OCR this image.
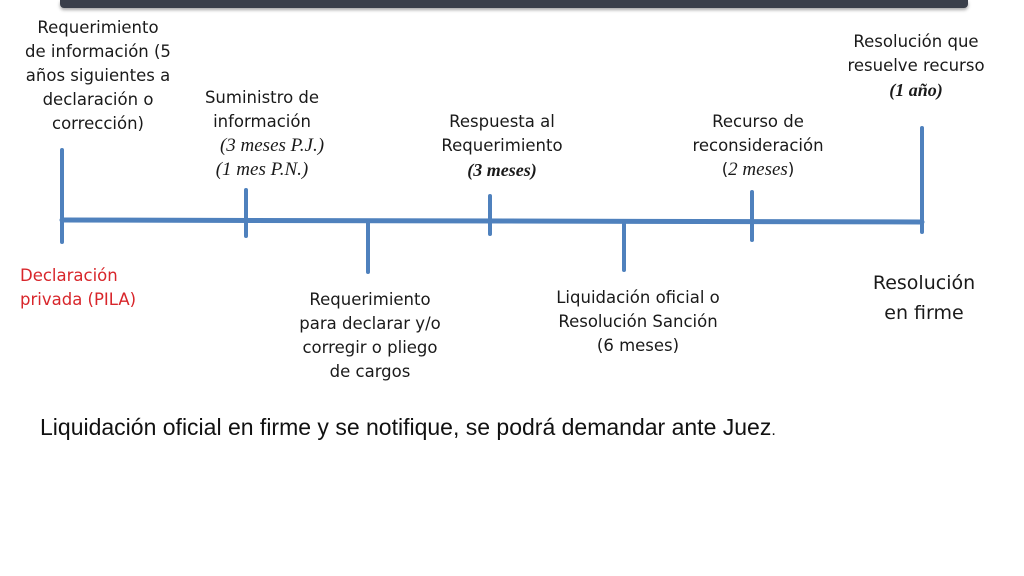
Requerimiento
de información (5
años siguientes a
declaración o
corrección)
Suministro de
información
(3 meses P.J.)
(1 mes P.N.)
Respuesta al
Requerimiento
(3 meses)
Recurso de
reconsideración
(2 meses)
Resolución que
resuelve recurso
(1 año)
Declaración
privada (PILA)	Requerimiento
para declarar y/o
corregir o pliego
de cargos
Liquidación oficial o
Resolución Sanción
(6 meses)
Resolución
en firme
Liquidación oficial en firme y se notifique, se podrá demandar ante Juez.
